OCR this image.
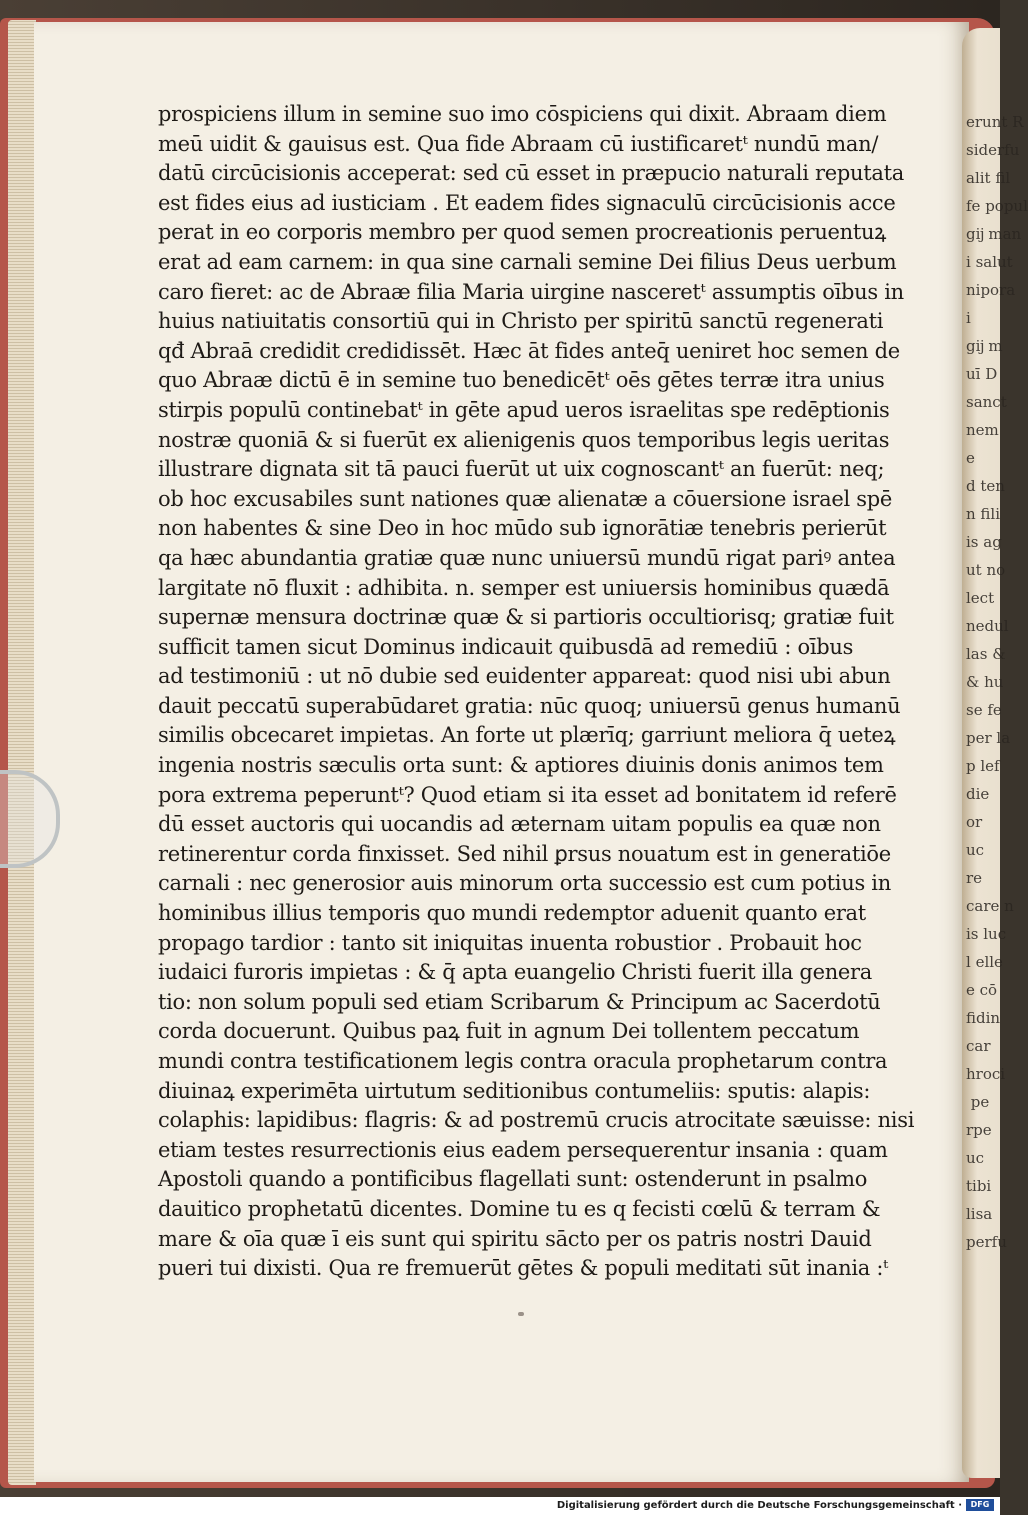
erunt R
siderfu
alit fil
fe popul
gĳ man
i salut
nipora
i
gĳ m
uī D
sanct
nem
e
d ten
n fili
is ag
ut no
lect
nedul
las &
& hu
se fe
per la
p lef
die
or
uc
re
care n
is luc
l elle
e cō
fidin
car
hroci
pe
rpe
uc
tibi
lisa
perfu
prospiciens illum in semine suo imo cōspiciens qui dixit. Abraam diem
meū uidit & gauisus est. Qua fide Abraam cū iustificaretᵗ nundū man/
datū circūcisionis acceperat: sed cū esset in præpucio naturali reputata
est fides eius ad iusticiam . Et eadem fides signaculū circūcisionis acce
perat in eo corporis membro per quod semen procreationis peruentuꝝ
erat ad eam carnem: in qua sine carnali semine Dei filius Deus uerbum
caro fieret: ac de Abraæ filia Maria uirgine nasceretᵗ assumptis oībus in
huius natiuitatis consortiū qui in Christo per spiritū sanctū regenerati
qđ Abraā credidit credidissēt. Hæc āt fides anteq̄ ueniret hoc semen de
quo Abraæ dictū ē in semine tuo benedicētᵗ oēs gētes terræ itra unius
stirpis populū continebatᵗ in gēte apud ueros israelitas spe redēptionis
nostræ quoniā & si fuerūt ex alienigenis quos temporibus legis ueritas
illustrare dignata sit tā pauci fuerūt ut uix cognoscantᵗ an fuerūt: neq;
ob hoc excusabiles sunt nationes quæ alienatæ a cōuersione israel spē
non habentes & sine Deo in hoc mūdo sub ignorātiæ tenebris perierūt
qa hæc abundantia gratiæ quæ nunc uniuersū mundū rigat pariꝰ antea
largitate nō fluxit : adhibita. n. semper est uniuersis hominibus quædā
supernæ mensura doctrinæ quæ & si partioris occultiorisq; gratiæ fuit
sufficit tamen sicut Dominus indicauit quibusdā ad remediū : oībus
ad testimoniū : ut nō dubie sed euidenter appareat: quod nisi ubi abun
dauit peccatū superabūdaret gratia: nūc quoq; uniuersū genus humanū
similis obcecaret impietas. An forte ut plærīq; garriunt meliora q̄ ueteꝝ
ingenia nostris sæculis orta sunt: & aptiores diuinis donis animos tem
pora extrema peperuntᵗ? Quod etiam si ita esset ad bonitatem id referē
dū esset auctoris qui uocandis ad æternam uitam populis ea quæ non
retinerentur corda finxisset. Sed nihil ꝑrsus nouatum est in generatiōe
carnali : nec generosior auis minorum orta successio est cum potius in
hominibus illius temporis quo mundi redemptor aduenit quanto erat
propago tardior : tanto sit iniquitas inuenta robustior . Probauit hoc
iudaici furoris impietas : & q̄ apta euangelio Christi fuerit illa genera
tio: non solum populi sed etiam Scribarum & Principum ac Sacerdotū
corda docuerunt. Quibus paꝝ fuit in agnum Dei tollentem peccatum
mundi contra testificationem legis contra oracula prophetarum contra
diuinaꝝ experimēta uirtutum seditionibus contumeliis: sputis: alapis:
colaphis: lapidibus: flagris: & ad postremū crucis atrocitate sæuisse: nisi
etiam testes resurrectionis eius eadem persequerentur insania : quam
Apostoli quando a pontificibus flagellati sunt: ostenderunt in psalmo
dauitico prophetatū dicentes. Domine tu es q fecisti cœlū & terram &
mare & oīa quæ ī eis sunt qui spiritu sācto per os patris nostri Dauid
pueri tui dixisti. Qua re fremuerūt gētes & populi meditati sūt inania :ᵗ
Digitalisierung gefördert durch die Deutsche Forschungsgemeinschaft ·	DFG
